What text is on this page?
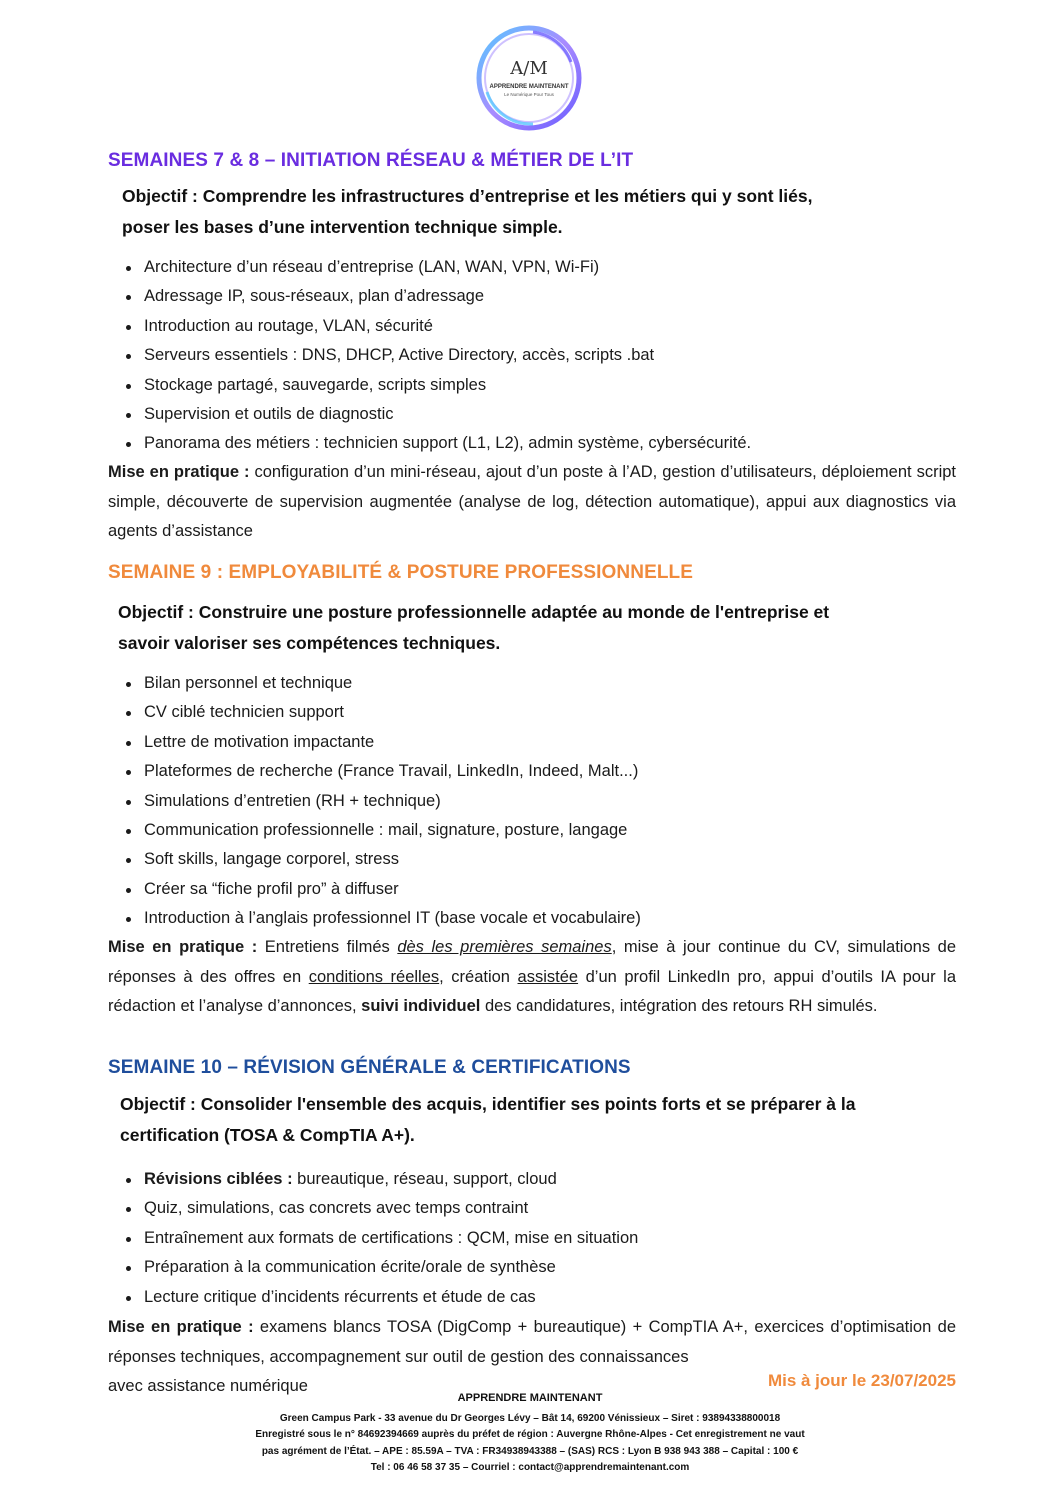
A/M
APPRENDRE MAINTENANT
Le Numérique Pour Tous
SEMAINES 7 & 8 – INITIATION RÉSEAU & MÉTIER DE L’IT
Objectif : Comprendre les infrastructures d’entreprise et les métiers qui y sont liés,
poser les bases d’une intervention technique simple.
Architecture d’un réseau d’entreprise (LAN, WAN, VPN, Wi-Fi)
Adressage IP, sous-réseaux, plan d’adressage
Introduction au routage, VLAN, sécurité
Serveurs essentiels : DNS, DHCP, Active Directory, accès, scripts .bat
Stockage partagé, sauvegarde, scripts simples
Supervision et outils de diagnostic
Panorama des métiers : technicien support (L1, L2), admin système, cybersécurité.
Mise en pratique : configuration d’un mini-réseau, ajout d’un poste à l’AD, gestion d’utilisateurs, déploiement script simple, découverte de supervision augmentée (analyse de log, détection automatique), appui aux diagnostics via agents d’assistance
SEMAINE 9 : EMPLOYABILITÉ & POSTURE PROFESSIONNELLE
Objectif : Construire une posture professionnelle adaptée au monde de l'entreprise et
savoir valoriser ses compétences techniques.
Bilan personnel et technique
CV ciblé technicien support
Lettre de motivation impactante
Plateformes de recherche (France Travail, LinkedIn, Indeed, Malt...)
Simulations d’entretien (RH + technique)
Communication professionnelle : mail, signature, posture, langage
Soft skills, langage corporel, stress
Créer sa “fiche profil pro” à diffuser
Introduction à l’anglais professionnel IT (base vocale et vocabulaire)
Mise en pratique : Entretiens filmés dès les premières semaines, mise à jour continue du CV, simulations de réponses à des offres en conditions réelles, création assistée d’un profil LinkedIn pro, appui d’outils IA pour la rédaction et l’analyse d’annonces, suivi individuel des candidatures, intégration des retours RH simulés.
SEMAINE 10 – RÉVISION GÉNÉRALE & CERTIFICATIONS
Objectif : Consolider l'ensemble des acquis, identifier ses points forts et se préparer à la
certification (TOSA & CompTIA A+).
Révisions ciblées : bureautique, réseau, support, cloud
Quiz, simulations, cas concrets avec temps contraint
Entraînement aux formats de certifications : QCM, mise en situation
Préparation à la communication écrite/orale de synthèse
Lecture critique d’incidents récurrents et étude de cas
Mise en pratique : examens blancs TOSA (DigComp + bureautique) + CompTIA A+, exercices d’optimisation de réponses techniques, accompagnement sur outil de gestion des connaissances
avec assistance numérique	Mis à jour le 23/07/2025
APPRENDRE MAINTENANT
Green Campus Park - 33 avenue du Dr Georges Lévy – Bât 14, 69200 Vénissieux – Siret : 93894338800018
Enregistré sous le n° 84692394669 auprès du préfet de région : Auvergne Rhône-Alpes - Cet enregistrement ne vaut
pas agrément de l’État. – APE : 85.59A – TVA : FR34938943388 – (SAS) RCS : Lyon B 938 943 388 – Capital : 100 €
Tel : 06 46 58 37 35 – Courriel : contact@apprendremaintenant.com
